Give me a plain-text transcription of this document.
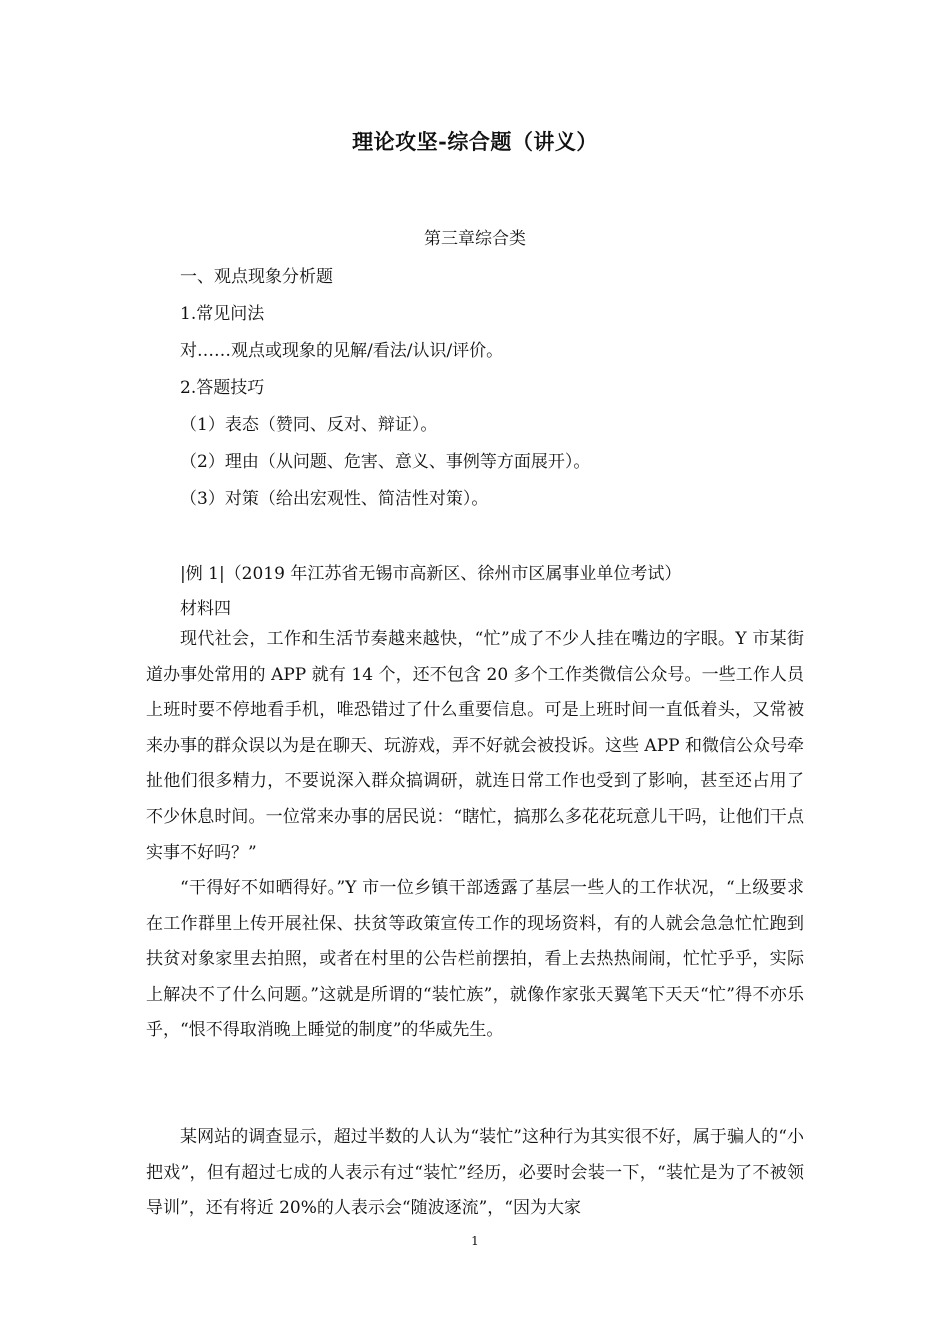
理论攻坚-综合题（讲义）
第三章综合类
一、观点现象分析题
1.常见问法
对……观点或现象的见解/看法/认识/评价。
2.答题技巧
（1）表态（赞同、反对、辩证）。
（2）理由（从问题、危害、意义、事例等方面展开）。
（3）对策（给出宏观性、简洁性对策）。
|例 1|（2019 年江苏省无锡市高新区、徐州市区属事业单位考试）
材料四

现代社会，工作和生活节奏越来越快，“忙”成了不少人挂在嘴边的字眼。Y 市某街道办事处常用的 APP 就有 14 个，还不包含 20 多个工作类微信公众号。一些工作人员上班时要不停地看手机，唯恐错过了什么重要信息。可是上班时间一直低着头，又常被来办事的群众误以为是在聊天、玩游戏，弄不好就会被投诉。这些 APP 和微信公众号牵扯他们很多精力，不要说深入群众搞调研，就连日常工作也受到了影响，甚至还占用了不少休息时间。一位常来办事的居民说：“瞎忙，搞那么多花花玩意儿干吗，让他们干点实事不好吗？”

“干得好不如晒得好。”Y 市一位乡镇干部透露了基层一些人的工作状况，“上级要求在工作群里上传开展社保、扶贫等政策宣传工作的现场资料，有的人就会急急忙忙跑到扶贫对象家里去拍照，或者在村里的公告栏前摆拍，看上去热热闹闹，忙忙乎乎，实际上解决不了什么问题。”这就是所谓的“装忙族”，就像作家张天翼笔下天天“忙”得不亦乐乎，“恨不得取消晚上睡觉的制度”的华威先生。

某网站的调查显示，超过半数的人认为“装忙”这种行为其实很不好，属于骗人的“小把戏”，但有超过七成的人表示有过“装忙”经历，必要时会装一下，“装忙是为了不被领导训”，还有将近 20%的人表示会“随波逐流”，“因为大家

1
